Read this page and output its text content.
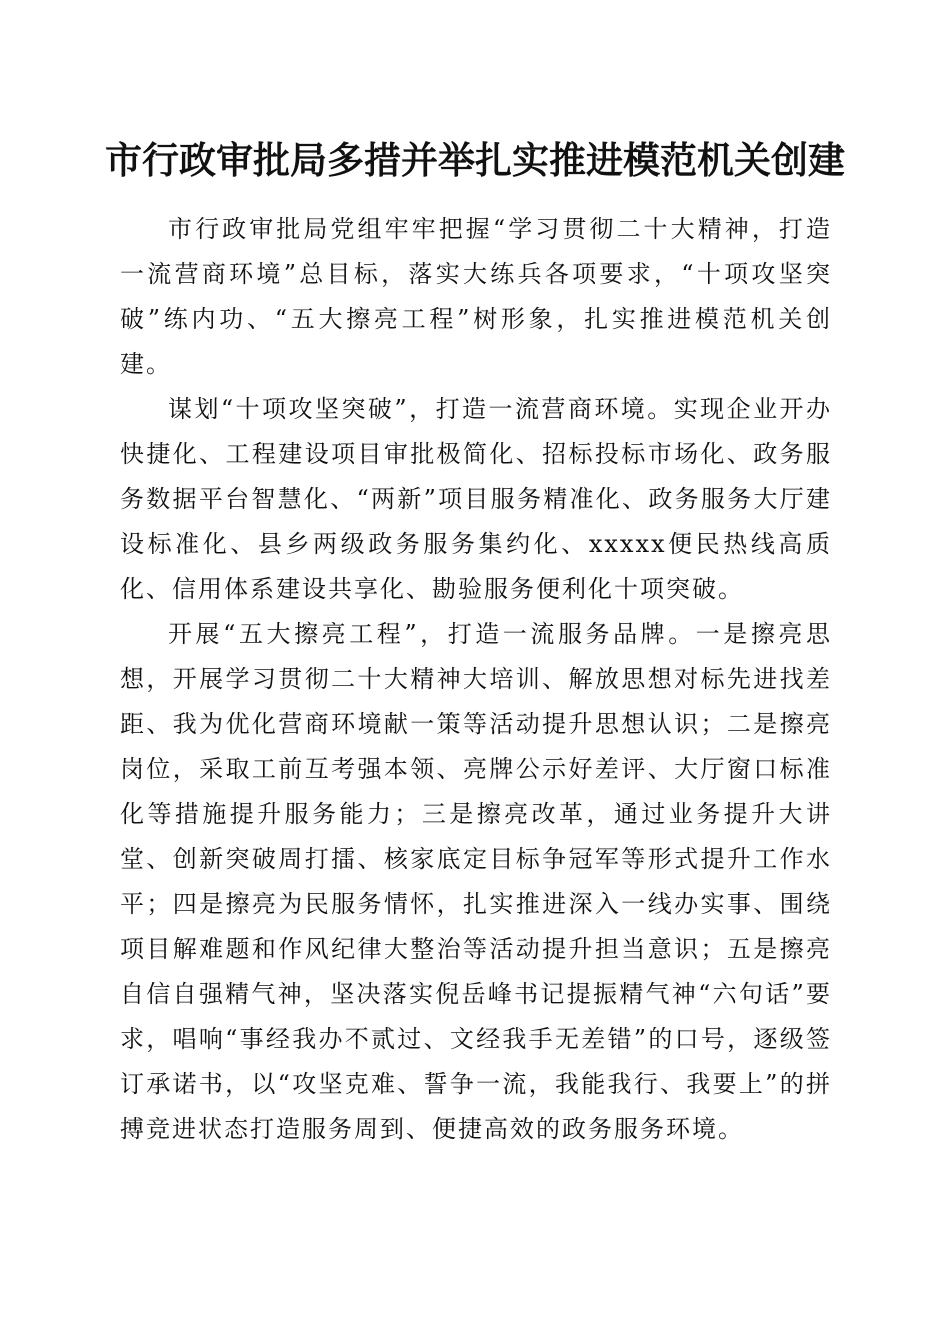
市行政审批局多措并举扎实推进模范机关创建

市行政审批局党组牢牢把握“学习贯彻二十大精神，打造一流营商环境”总目标，落实大练兵各项要求，“十项攻坚突破”练内功、“五大擦亮工程”树形象，扎实推进模范机关创建。

谋划“十项攻坚突破”，打造一流营商环境。实现企业开办快捷化、工程建设项目审批极简化、招标投标市场化、政务服务数据平台智慧化、“两新”项目服务精准化、政务服务大厅建设标准化、县乡两级政务服务集约化、xxxxx便民热线高质化、信用体系建设共享化、勘验服务便利化十项突破。

开展“五大擦亮工程”，打造一流服务品牌。一是擦亮思想，开展学习贯彻二十大精神大培训、解放思想对标先进找差距、我为优化营商环境献一策等活动提升思想认识；二是擦亮岗位，采取工前互考强本领、亮牌公示好差评、大厅窗口标准化等措施提升服务能力；三是擦亮改革，通过业务提升大讲堂、创新突破周打擂、核家底定目标争冠军等形式提升工作水平；四是擦亮为民服务情怀，扎实推进深入一线办实事、围绕项目解难题和作风纪律大整治等活动提升担当意识；五是擦亮自信自强精气神，坚决落实倪岳峰书记提振精气神“六句话”要求，唱响“事经我办不贰过、文经我手无差错”的口号，逐级签订承诺书，以“攻坚克难、誓争一流，我能我行、我要上”的拼搏竞进状态打造服务周到、便捷高效的政务服务环境。
